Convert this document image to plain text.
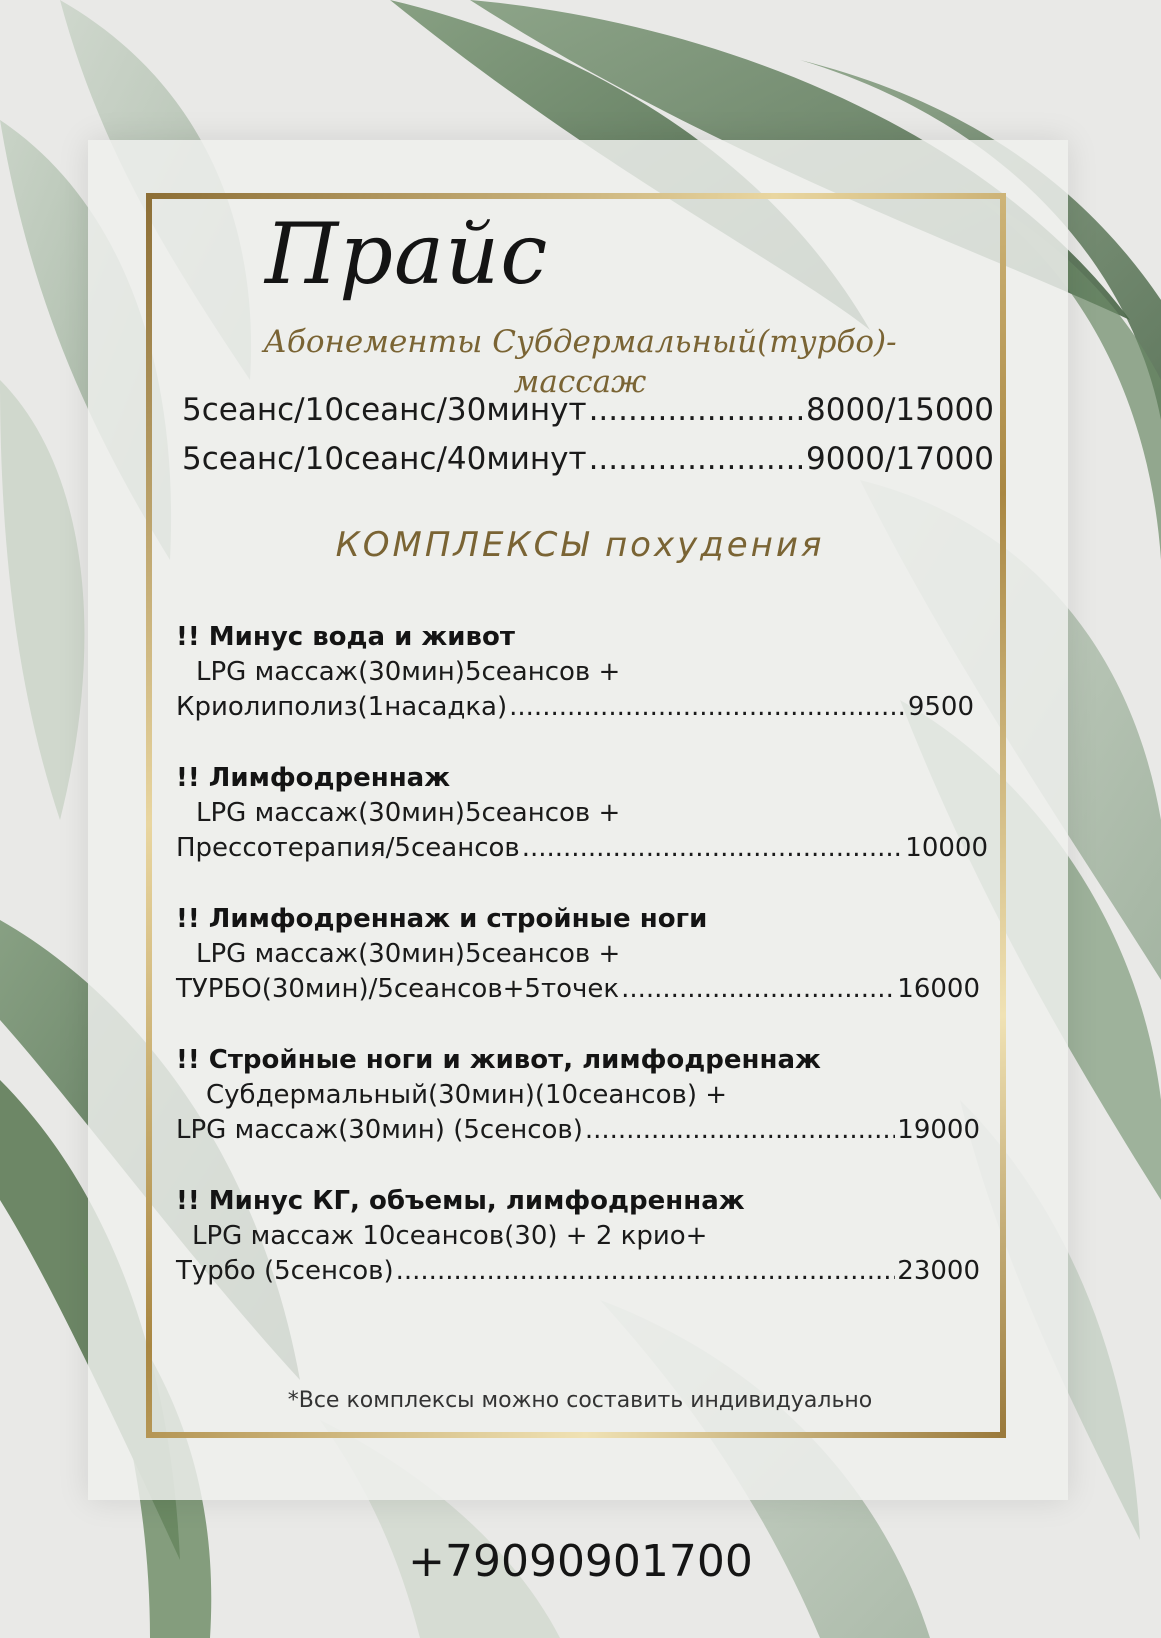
Прайс
Абонементы Субдермальный(турбо)-
массаж
5сеанс/10сеанс/30минут .....	8000/15000
5сеанс/10сеанс/40минут .....	9000/17000
КОМПЛЕКСЫ похудения
!! Минус вода и живот
LPG массаж(30мин)5сеансов +
Криолиполиз(1насадка) .....	9500
!! Лимфодреннаж
LPG массаж(30мин)5сеансов +
Прессотерапия/5сеансов .....	10000
!! Лимфодреннаж и стройные ноги
LPG массаж(30мин)5сеансов +
ТУРБО(30мин)/5сеансов+5точек .....	16000
!! Стройные ноги и живот, лимфодреннаж
Субдермальный(30мин)(10сеансов) +
LPG массаж(30мин) (5сенсов) .....	19000
!! Минус КГ, объемы, лимфодреннаж
LPG массаж 10сеансов(30) + 2 крио+
Турбо (5сенсов) .....	23000
*Все комплексы можно составить индивидуально
+79090901700
